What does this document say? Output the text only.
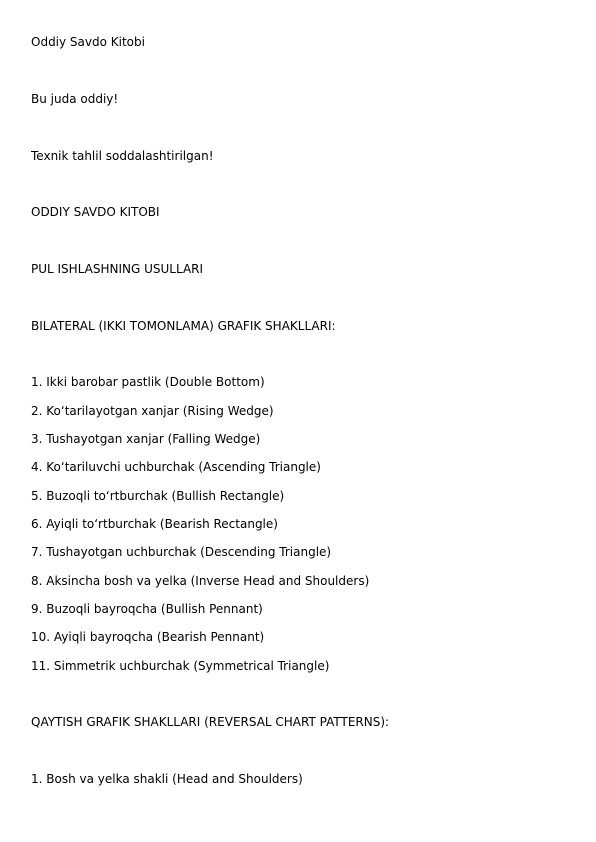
Oddiy Savdo Kitobi
Bu juda oddiy!
Texnik tahlil soddalashtirilgan!
ODDIY SAVDO KITOBI
PUL ISHLASHNING USULLARI
BILATERAL (IKKI TOMONLAMA) GRAFIK SHAKLLARI:
1. Ikki barobar pastlik (Double Bottom)
2. Ko‘tarilayotgan xanjar (Rising Wedge)
3. Tushayotgan xanjar (Falling Wedge)
4. Ko‘tariluvchi uchburchak (Ascending Triangle)
5. Buzoqli to‘rtburchak (Bullish Rectangle)
6. Ayiqli to‘rtburchak (Bearish Rectangle)
7. Tushayotgan uchburchak (Descending Triangle)
8. Aksincha bosh va yelka (Inverse Head and Shoulders)
9. Buzoqli bayroqcha (Bullish Pennant)
10. Ayiqli bayroqcha (Bearish Pennant)
11. Simmetrik uchburchak (Symmetrical Triangle)
QAYTISH GRAFIK SHAKLLARI (REVERSAL CHART PATTERNS):
1. Bosh va yelka shakli (Head and Shoulders)
